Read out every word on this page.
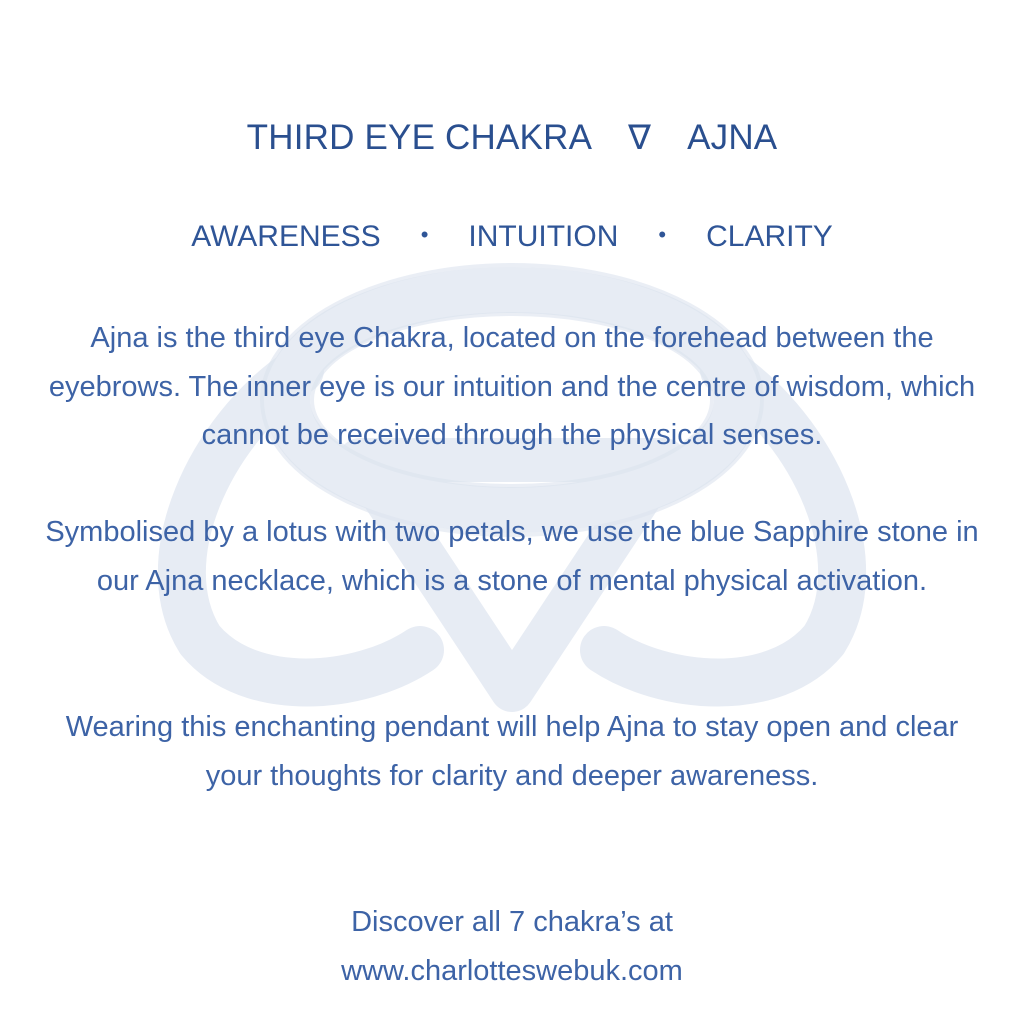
THIRD EYE CHAKRA ∇ AJNA
AWARENESS • INTUITION • CLARITY

Ajna is the third eye Chakra, located on the forehead between the eyebrows. The inner eye is our intuition and the centre of wisdom, which cannot be received through the physical senses.

Symbolised by a lotus with two petals, we use the blue Sapphire stone in our Ajna necklace, which is a stone of mental physical activation.

Wearing this enchanting pendant will help Ajna to stay open and clear your thoughts for clarity and deeper awareness.

Discover all 7 chakra’s at
www.charlotteswebuk.com
